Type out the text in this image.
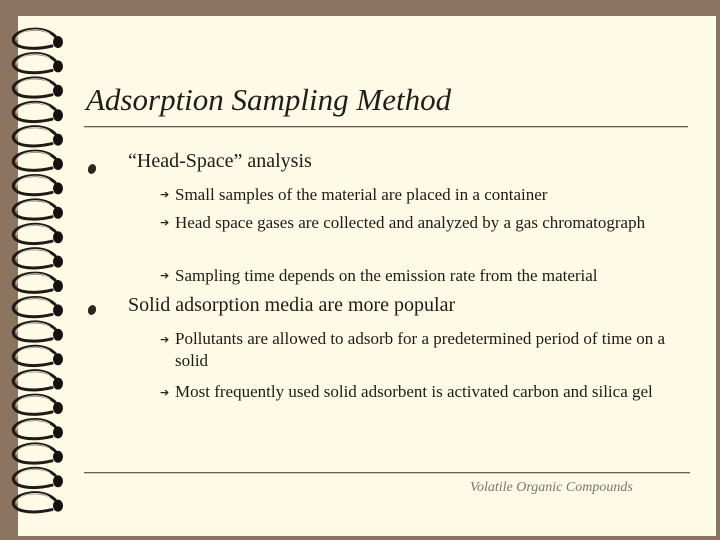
Adsorption Sampling Method
“Head-Space” analysis
➔ Small samples of the material are placed in a container
➔ Head space gases are collected and analyzed by a gas chromatograph
➔ Sampling time depends on the emission rate from the material
Solid adsorption media are more popular
➔ Pollutants are allowed to adsorb for a predetermined period of time on a solid
➔ Most frequently used solid adsorbent is activated carbon and silica gel
Volatile Organic Compounds
